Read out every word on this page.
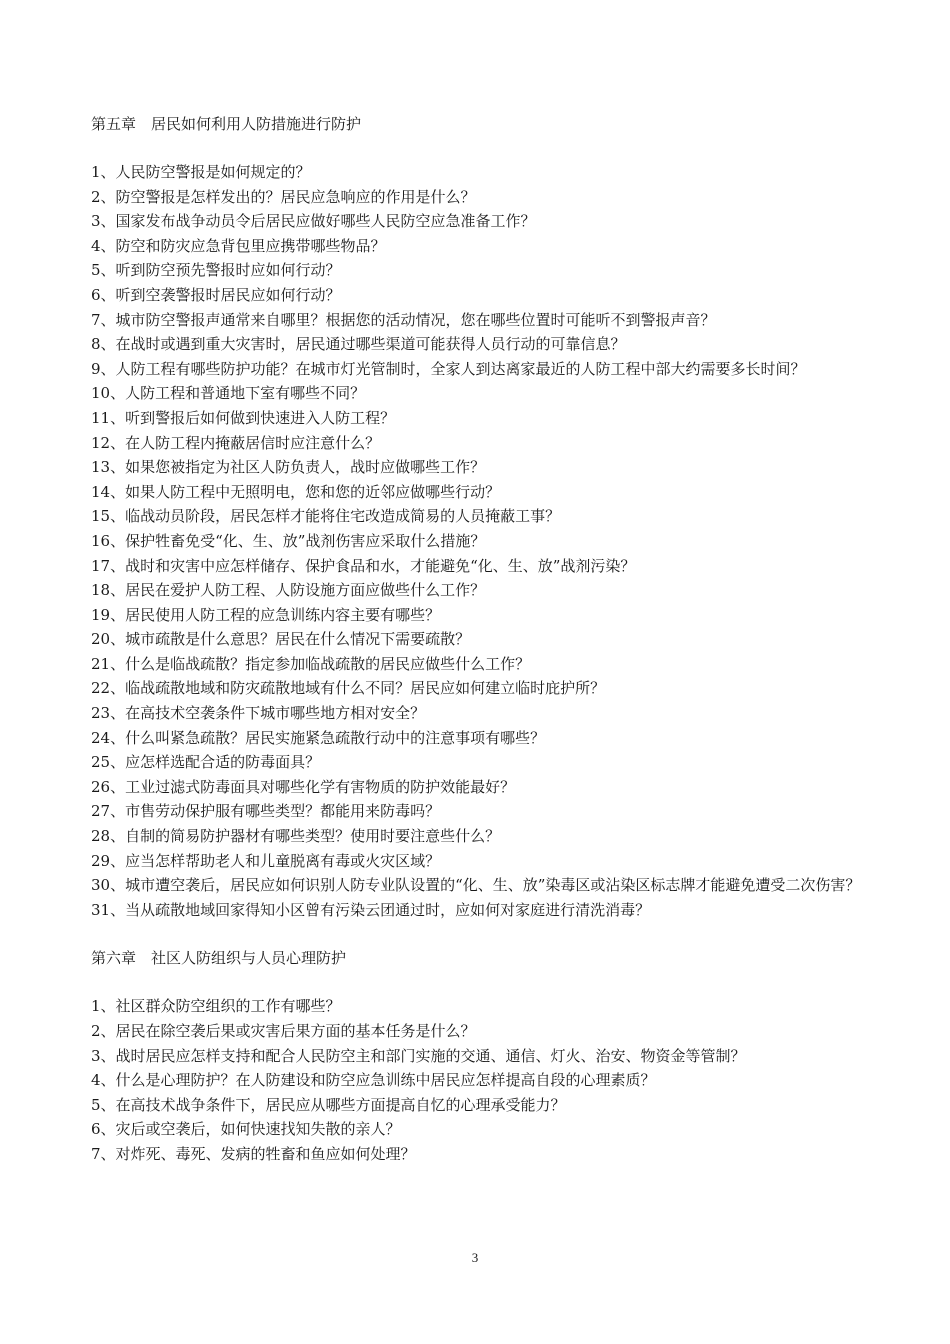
第五章　居民如何利用人防措施进行防护
1、人民防空警报是如何规定的？
2、防空警报是怎样发出的？居民应急响应的作用是什么？
3、国家发布战争动员令后居民应做好哪些人民防空应急准备工作？
4、防空和防灾应急背包里应携带哪些物品？
5、听到防空预先警报时应如何行动？
6、听到空袭警报时居民应如何行动？
7、城市防空警报声通常来自哪里？根据您的活动情况，您在哪些位置时可能听不到警报声音？
8、在战时或遇到重大灾害时，居民通过哪些渠道可能获得人员行动的可靠信息？
9、人防工程有哪些防护功能？在城市灯光管制时，全家人到达离家最近的人防工程中部大约需要多长时间？
10、人防工程和普通地下室有哪些不同？
11、听到警报后如何做到快速进入人防工程？
12、在人防工程内掩蔽居信时应注意什么？
13、如果您被指定为社区人防负责人，战时应做哪些工作？
14、如果人防工程中无照明电，您和您的近邻应做哪些行动？
15、临战动员阶段，居民怎样才能将住宅改造成简易的人员掩蔽工事？
16、保护牲畜免受“化、生、放”战剂伤害应采取什么措施？
17、战时和灾害中应怎样储存、保护食品和水，才能避免“化、生、放”战剂污染？
18、居民在爱护人防工程、人防设施方面应做些什么工作？
19、居民使用人防工程的应急训练内容主要有哪些？
20、城市疏散是什么意思？居民在什么情况下需要疏散？
21、什么是临战疏散？指定参加临战疏散的居民应做些什么工作？
22、临战疏散地域和防灾疏散地域有什么不同？居民应如何建立临时庇护所？
23、在高技术空袭条件下城市哪些地方相对安全？
24、什么叫紧急疏散？居民实施紧急疏散行动中的注意事项有哪些？
25、应怎样选配合适的防毒面具？
26、工业过滤式防毒面具对哪些化学有害物质的防护效能最好？
27、市售劳动保护服有哪些类型？都能用来防毒吗？
28、自制的简易防护器材有哪些类型？使用时要注意些什么？
29、应当怎样帮助老人和儿童脱离有毒或火灾区域？
30、城市遭空袭后，居民应如何识别人防专业队设置的“化、生、放”染毒区或沾染区标志牌才能避免遭受二次伤害？
31、当从疏散地域回家得知小区曾有污染云团通过时，应如何对家庭进行清洗消毒？
第六章　社区人防组织与人员心理防护
1、社区群众防空组织的工作有哪些？
2、居民在除空袭后果或灾害后果方面的基本任务是什么？
3、战时居民应怎样支持和配合人民防空主和部门实施的交通、通信、灯火、治安、物资金等管制？
4、什么是心理防护？在人防建设和防空应急训练中居民应怎样提高自段的心理素质？
5、在高技术战争条件下，居民应从哪些方面提高自忆的心理承受能力？
6、灾后或空袭后，如何快速找知失散的亲人？
7、对炸死、毒死、发病的牲畜和鱼应如何处理？
3
